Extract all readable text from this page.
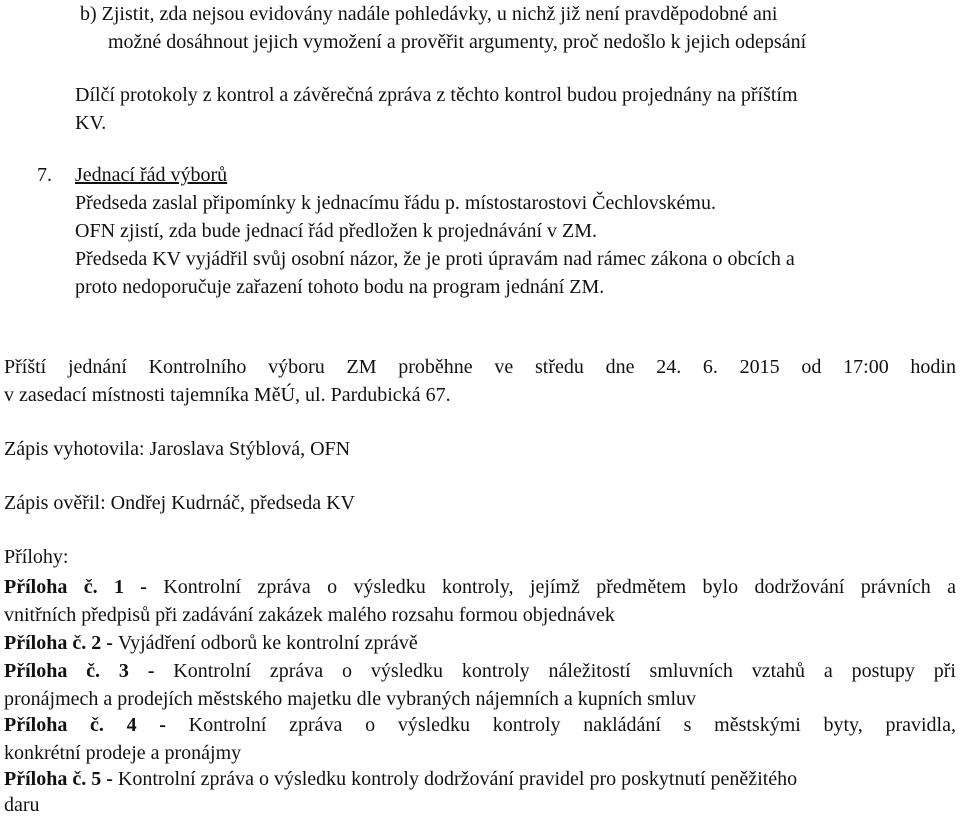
b) Zjistit, zda nejsou evidovány nadále pohledávky, u nichž již není pravděpodobné ani
možné dosáhnout jejich vymožení a prověřit argumenty, proč nedošlo k jejich odepsání
Dílčí protokoly z kontrol a závěrečná zpráva z těchto kontrol budou projednány na příštím
KV.
7. Jednací řád výborů
Předseda zaslal připomínky k jednacímu řádu p. místostarostovi Čechlovskému.
OFN zjistí, zda bude jednací řád předložen k projednávání v ZM.
Předseda KV vyjádřil svůj osobní názor, že je proti úpravám nad rámec zákona o obcích a
proto nedoporučuje zařazení tohoto bodu na program jednání ZM.
Příští jednání Kontrolního výboru ZM proběhne ve středu dne 24. 6. 2015 od 17:00 hodin
v zasedací místnosti tajemníka MěÚ, ul. Pardubická 67.
Zápis vyhotovila: Jaroslava Stýblová, OFN
Zápis ověřil: Ondřej Kudrnáč, předseda KV
Přílohy:
Příloha č. 1 - Kontrolní zpráva o výsledku kontroly, jejímž předmětem bylo dodržování právních a
vnitřních předpisů při zadávání zakázek malého rozsahu formou objednávek
Příloha č. 2 - Vyjádření odborů ke kontrolní zprávě
Příloha č. 3 - Kontrolní zpráva o výsledku kontroly náležitostí smluvních vztahů a postupy při
pronájmech a prodejích městského majetku dle vybraných nájemních a kupních smluv
Příloha č. 4 - Kontrolní zpráva o výsledku kontroly nakládání s městskými byty, pravidla,
konkrétní prodeje a pronájmy
Příloha č. 5 - Kontrolní zpráva o výsledku kontroly dodržování pravidel pro poskytnutí peněžitého
daru
